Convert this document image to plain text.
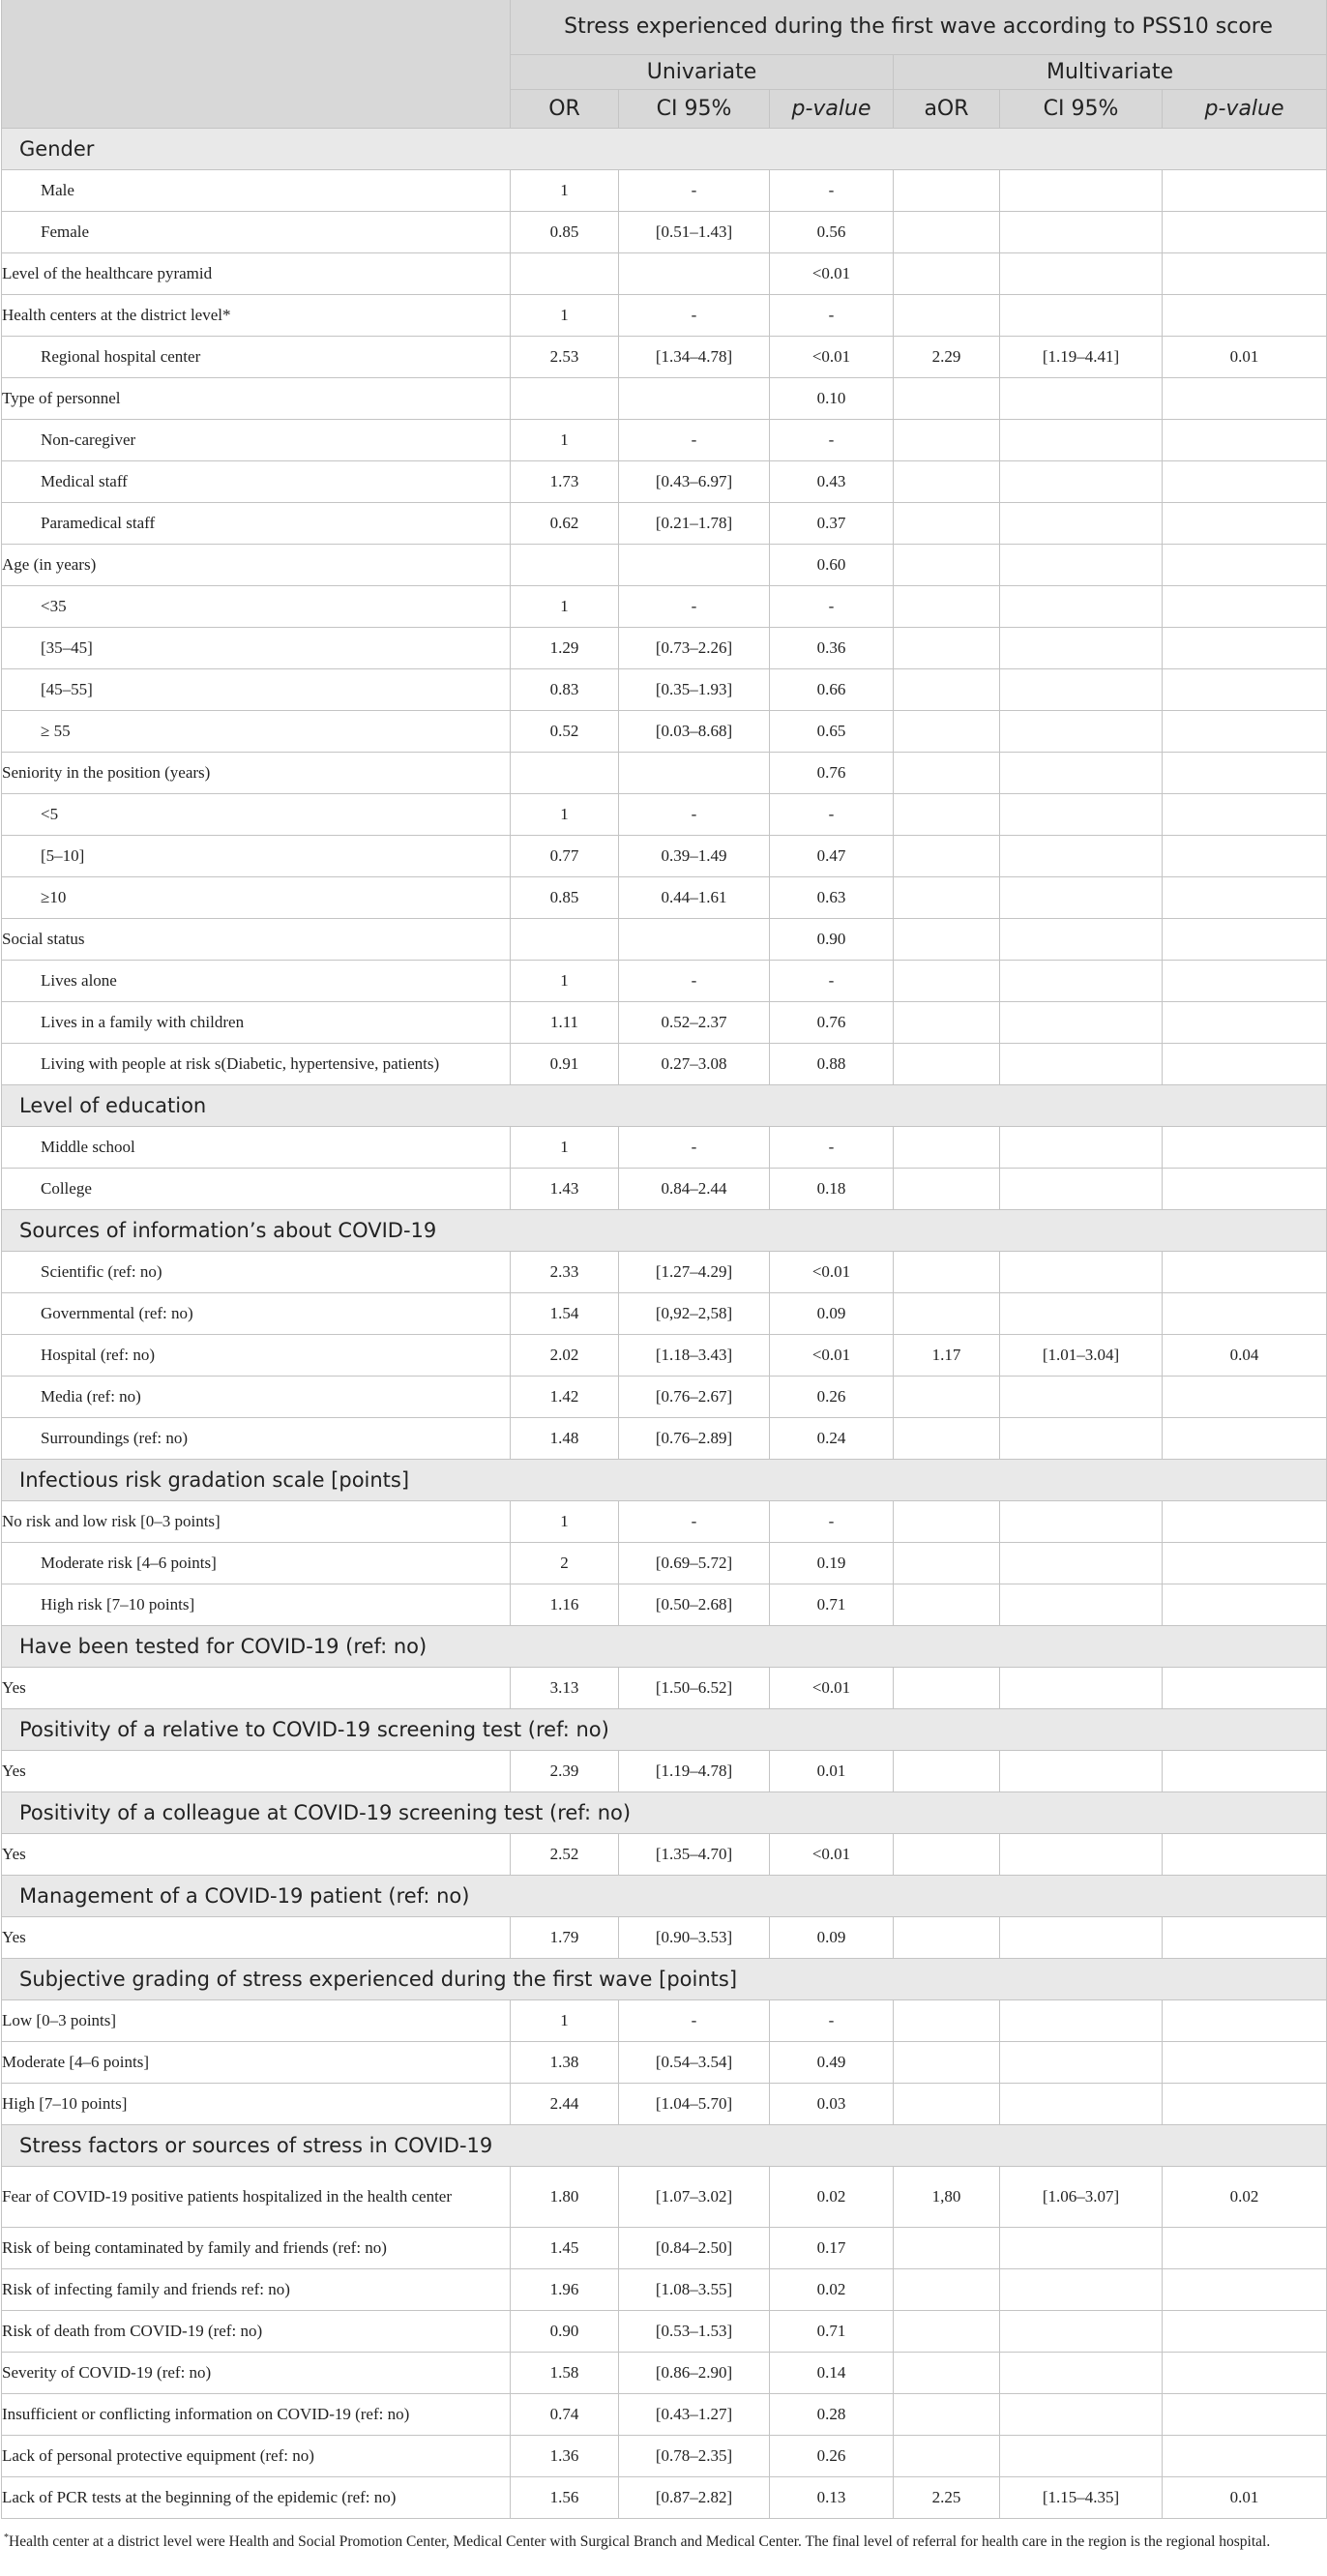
	Stress experienced during the first wave according to PSS10 score					
	Univariate			Multivariate		
	OR	CI 95%	p-value	aOR	CI 95%	p-value
Gender						
Male	1	-	-			
Female	0.85	[0.51–1.43]	0.56			
Level of the healthcare pyramid			<0.01			
Health centers at the district level*	1	-	-			
Regional hospital center	2.53	[1.34–4.78]	<0.01	2.29	[1.19–4.41]	0.01
Type of personnel			0.10			
Non-caregiver	1	-	-			
Medical staff	1.73	[0.43–6.97]	0.43			
Paramedical staff	0.62	[0.21–1.78]	0.37			
Age (in years)			0.60			
<35	1	-	-			
[35–45]	1.29	[0.73–2.26]	0.36			
[45–55]	0.83	[0.35–1.93]	0.66			
≥ 55	0.52	[0.03–8.68]	0.65			
Seniority in the position (years)			0.76			
<5	1	-	-			
[5–10]	0.77	0.39–1.49	0.47			
≥10	0.85	0.44–1.61	0.63			
Social status			0.90			
Lives alone	1	-	-			
Lives in a family with children	1.11	0.52–2.37	0.76			
Living with people at risk s(Diabetic, hypertensive, patients)	0.91	0.27–3.08	0.88			
Level of education						
Middle school	1	-	-			
College	1.43	0.84–2.44	0.18			
Sources of information’s about COVID-19						
Scientific (ref: no)	2.33	[1.27–4.29]	<0.01			
Governmental (ref: no)	1.54	[0,92–2,58]	0.09			
Hospital (ref: no)	2.02	[1.18–3.43]	<0.01	1.17	[1.01–3.04]	0.04
Media (ref: no)	1.42	[0.76–2.67]	0.26			
Surroundings (ref: no)	1.48	[0.76–2.89]	0.24			
Infectious risk gradation scale [points]						
No risk and low risk [0–3 points]	1	-	-			
Moderate risk [4–6 points]	2	[0.69–5.72]	0.19			
High risk [7–10 points]	1.16	[0.50–2.68]	0.71			
Have been tested for COVID-19 (ref: no)						
Yes	3.13	[1.50–6.52]	<0.01			
Positivity of a relative to COVID-19 screening test (ref: no)						
Yes	2.39	[1.19–4.78]	0.01			
Positivity of a colleague at COVID-19 screening test (ref: no)						
Yes	2.52	[1.35–4.70]	<0.01			
Management of a COVID-19 patient (ref: no)						
Yes	1.79	[0.90–3.53]	0.09			
Subjective grading of stress experienced during the first wave [points]						
Low [0–3 points]	1	-	-			
Moderate [4–6 points]	1.38	[0.54–3.54]	0.49			
High [7–10 points]	2.44	[1.04–5.70]	0.03			
Stress factors or sources of stress in COVID-19						
Fear of COVID-19 positive patients hospitalized in the health center	1.80	[1.07–3.02]	0.02	1,80	[1.06–3.07]	0.02
Risk of being contaminated by family and friends (ref: no)	1.45	[0.84–2.50]	0.17			
Risk of infecting family and friends ref: no)	1.96	[1.08–3.55]	0.02			
Risk of death from COVID-19 (ref: no)	0.90	[0.53–1.53]	0.71			
Severity of COVID-19 (ref: no)	1.58	[0.86–2.90]	0.14			
Insufficient or conflicting information on COVID-19 (ref: no)	0.74	[0.43–1.27]	0.28			
Lack of personal protective equipment (ref: no)	1.36	[0.78–2.35]	0.26			
Lack of PCR tests at the beginning of the epidemic (ref: no)	1.56	[0.87–2.82]	0.13	2.25	[1.15–4.35]	0.01
*Health center at a district level were Health and Social Promotion Center, Medical Center with Surgical Branch and Medical Center. The final level of referral for health care in the region is the regional hospital.
